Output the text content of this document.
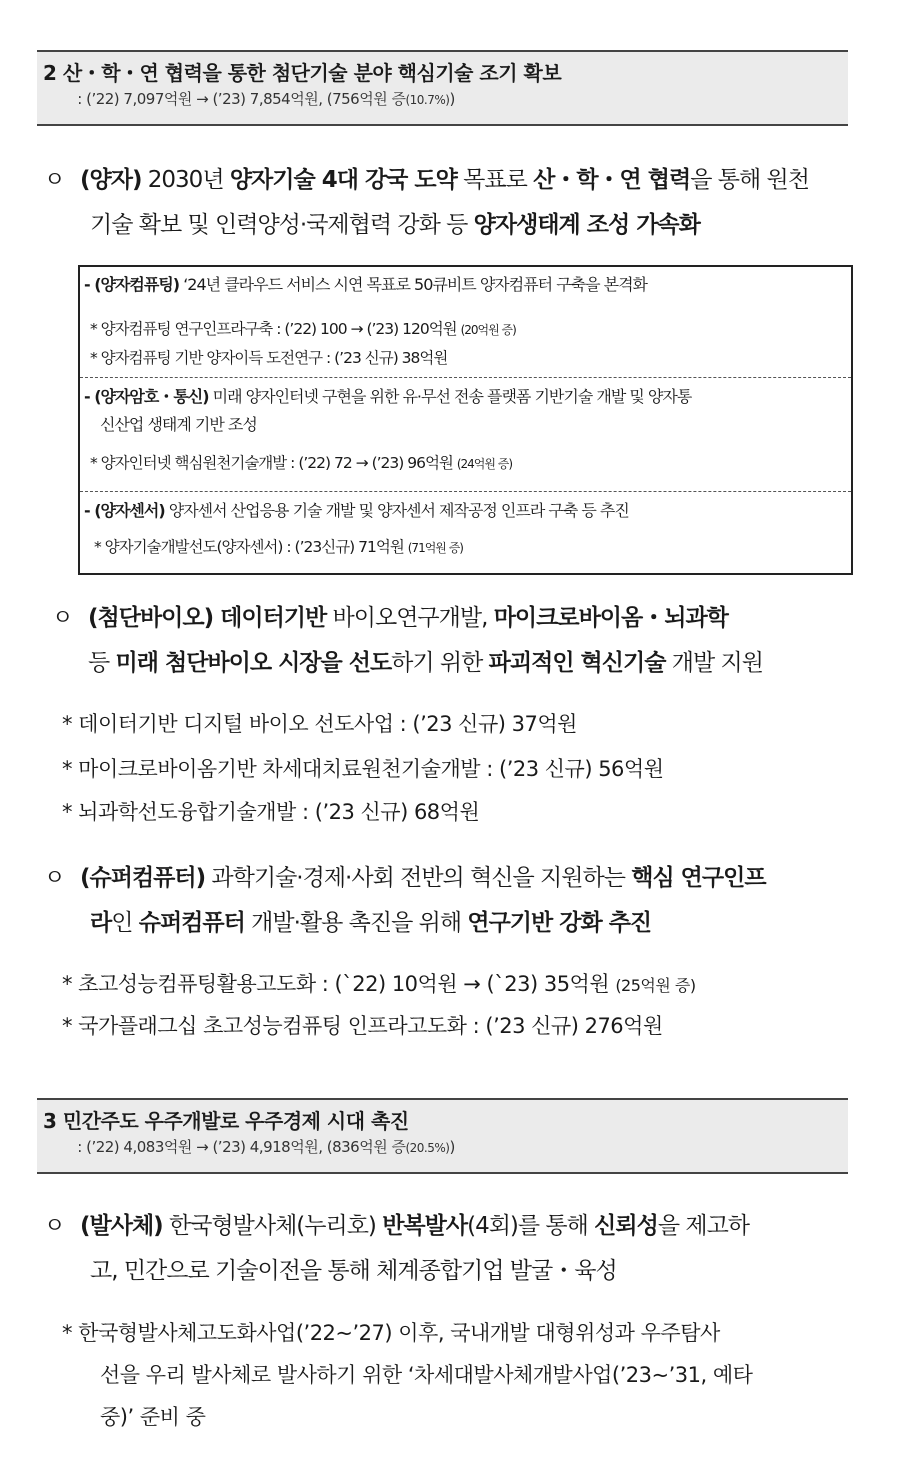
2 산・학・연 협력을 통한 첨단기술 분야 핵심기술 조기 확보
: (’22) 7,097억원 → (’23) 7,854억원, (756억원 증(10.7%))
ㅇ (양자) 2030년 양자기술 4대 강국 도약 목표로 산・학・연 협력을 통해 원천
기술 확보 및 인력양성·국제협력 강화 등 양자생태계 조성 가속화
- (양자컴퓨팅) ‘24년 클라우드 서비스 시연 목표로 50큐비트 양자컴퓨터 구축을 본격화
* 양자컴퓨팅 연구인프라구축 : (’22) 100 → (’23) 120억원 (20억원 증)
* 양자컴퓨팅 기반 양자이득 도전연구 : (’23 신규) 38억원
- (양자암호・통신) 미래 양자인터넷 구현을 위한 유·무선 전송 플랫폼 기반기술 개발 및 양자통
신산업 생태계 기반 조성
* 양자인터넷 핵심원천기술개발 : (’22) 72 → (’23) 96억원 (24억원 증)
- (양자센서) 양자센서 산업응용 기술 개발 및 양자센서 제작공정 인프라 구축 등 추진
* 양자기술개발선도(양자센서) : (’23신규) 71억원 (71억원 증)
ㅇ (첨단바이오) 데이터기반 바이오연구개발, 마이크로바이옴・뇌과학
등 미래 첨단바이오 시장을 선도하기 위한 파괴적인 혁신기술 개발 지원
* 데이터기반 디지털 바이오 선도사업 : (’23 신규) 37억원
* 마이크로바이옴기반 차세대치료원천기술개발 : (’23 신규) 56억원
* 뇌과학선도융합기술개발 : (’23 신규) 68억원
ㅇ (슈퍼컴퓨터) 과학기술·경제·사회 전반의 혁신을 지원하는 핵심 연구인프
라인 슈퍼컴퓨터 개발·활용 촉진을 위해 연구기반 강화 추진
* 초고성능컴퓨팅활용고도화 : (`22) 10억원 → (`23) 35억원 (25억원 증)
* 국가플래그십 초고성능컴퓨팅 인프라고도화 : (’23 신규) 276억원
3 민간주도 우주개발로 우주경제 시대 촉진
: (’22) 4,083억원 → (’23) 4,918억원, (836억원 증(20.5%))
ㅇ (발사체) 한국형발사체(누리호) 반복발사(4회)를 통해 신뢰성을 제고하
고, 민간으로 기술이전을 통해 체계종합기업 발굴・육성
* 한국형발사체고도화사업(’22∼’27) 이후, 국내개발 대형위성과 우주탐사
선을 우리 발사체로 발사하기 위한 ‘차세대발사체개발사업(’23∼’31, 예타
중)’ 준비 중
